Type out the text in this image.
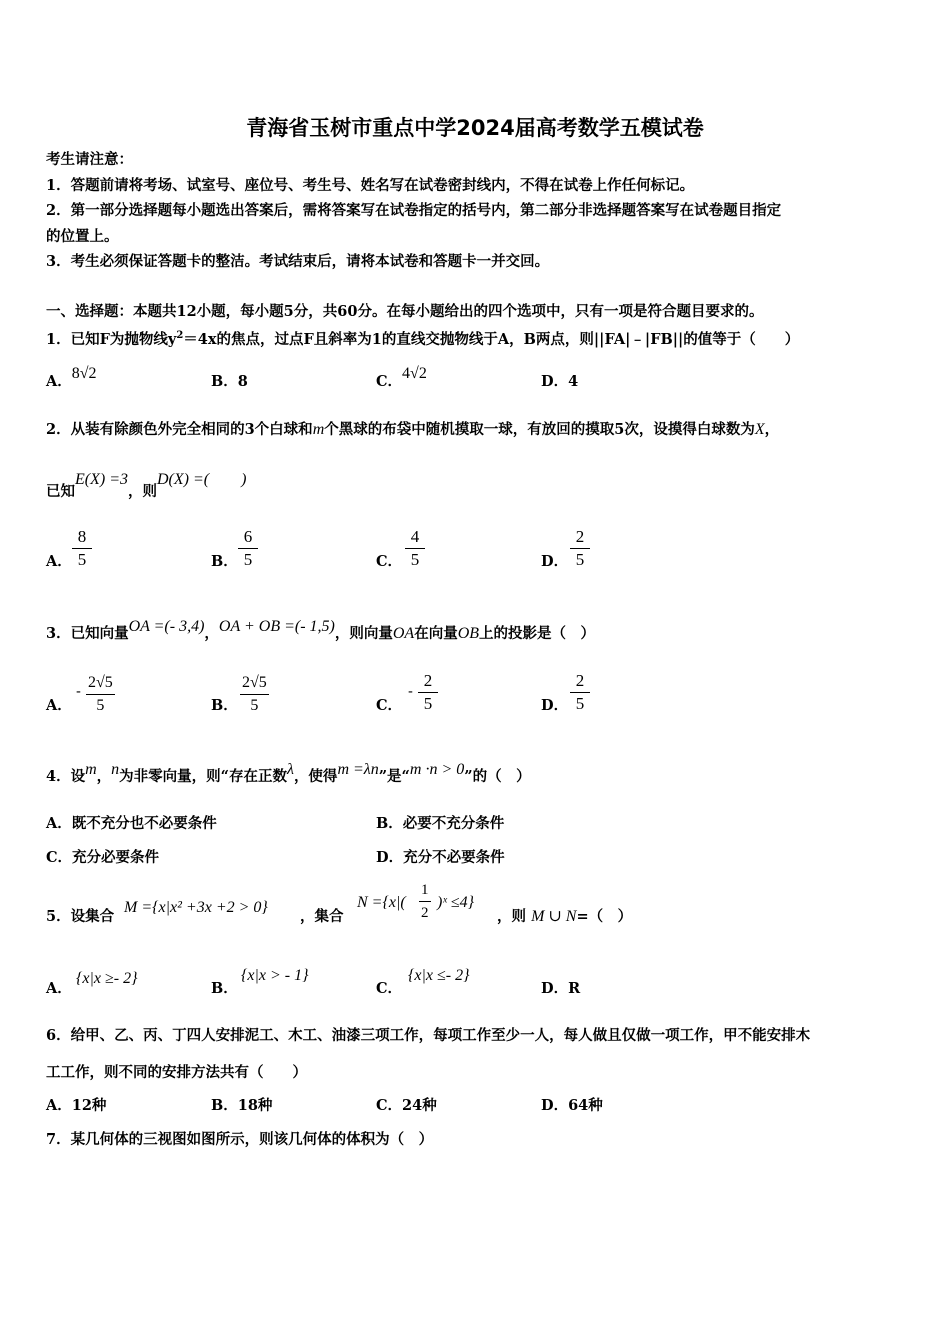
青海省玉树市重点中学2024届高考数学五模试卷
考生请注意：
1．答题前请将考场、试室号、座位号、考生号、姓名写在试卷密封线内，不得在试卷上作任何标记。
2．第一部分选择题每小题选出答案后，需将答案写在试卷指定的括号内，第二部分非选择题答案写在试卷题目指定
的位置上。
3．考生必须保证答题卡的整洁。考试结束后，请将本试卷和答题卡一并交回。
一、选择题：本题共12小题，每小题5分，共60分。在每小题给出的四个选项中，只有一项是符合题目要求的。
1．已知F为抛物线$y^2=4x$的焦点，过点F且斜率为1的直线交抛物线于A，B两点，则||FA|﹣|FB||的值等于（　　）
A．8√2	B．8	C．4√2	D．4
2．从装有除颜色外完全相同的3个白球和m个黑球的布袋中随机摸取一球，有放回的摸取5次，设摸得白球数为X，
已知E(X) =3，则D(X) =(　　)
A． $\frac{8}{5}$	B． $\frac{6}{5}$	C． $\frac{4}{5}$	D． $\frac{2}{5}$
3．已知向量OA =(- 3,4)，OA + OB =(- 1,5)，则向量OA在向量OB上的投影是（　）
A．
- $\frac{2√5}{5}$	B． $\frac{2√5}{5}$	C．
- $\frac{2}{5}$	D． $\frac{2}{5}$
4．设m，n为非零向量，则“存在正数λ，使得m =λn”是“m ·n > 0”的（　）
A．既不充分也不必要条件	B．必要不充分条件
C．充分必要条件	D．充分不必要条件
5．设集合
M ={x|x² +3x +2 > 0}
，集合
$N =\{x|( \frac{1}{2}$ )ˣ ≤4}
，则 M ∪ N=（　）
A．
{x|x ≥- 2}
B．
{x|x > - 1}
C．
{x|x ≤- 2}
D．R
6．给甲、乙、丙、丁四人安排泥工、木工、油漆三项工作，每项工作至少一人，每人做且仅做一项工作，甲不能安排木
工工作，则不同的安排方法共有（　　）
A．12种	B．18种	C．24种	D．64种
7．某几何体的三视图如图所示，则该几何体的体积为（　）
